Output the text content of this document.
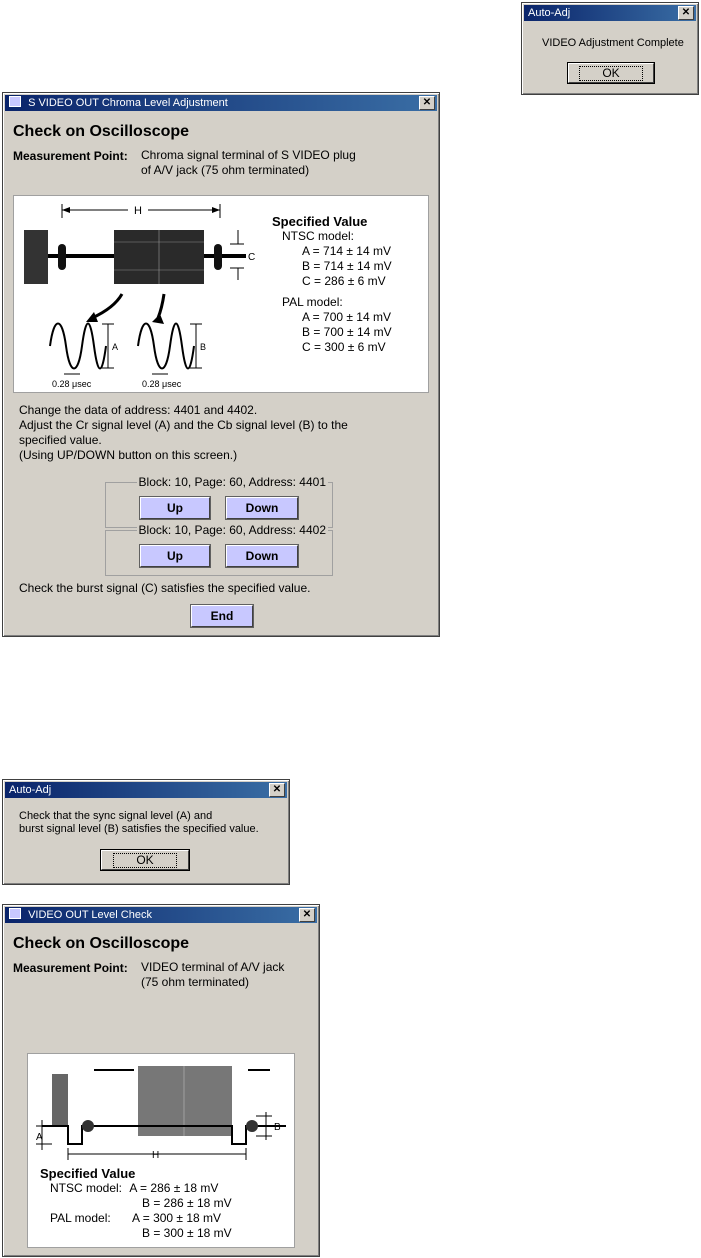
Auto-Adj	✕
VIDEO Adjustment Complete
OK
S VIDEO OUT Chroma Level Adjustment	✕
Check on Oscilloscope
Measurement Point: Chroma signal terminal of S VIDEO plug
of A/V jack (75 ohm terminated)
H
C
A
0.28 μsec
B
0.28 μsec
Specified Value
NTSC model:
A = 714 ± 14 mV
B = 714 ± 14 mV
C = 286 ± 6 mV
PAL model:
A = 700 ± 14 mV
B = 700 ± 14 mV
C = 300 ± 6 mV
Change the data of address: 4401 and 4402.
Adjust the Cr signal level (A) and the Cb signal level (B) to the
specified value.
(Using UP/DOWN button on this screen.)
Block: 10, Page: 60, Address: 4401
Up	Down
Block: 10, Page: 60, Address: 4402
Up	Down
Check the burst signal (C) satisfies the specified value.
End
Auto-Adj	✕
Check that the sync signal level (A) and
burst signal level (B) satisfies the specified value.
OK
VIDEO OUT Level Check	✕
Check on Oscilloscope
Measurement Point: VIDEO terminal of A/V jack
(75 ohm terminated)
A
B
H
Specified Value
NTSC model: A = 286 ± 18 mV
B = 286 ± 18 mV
PAL model: A = 300 ± 18 mV
B = 300 ± 18 mV
